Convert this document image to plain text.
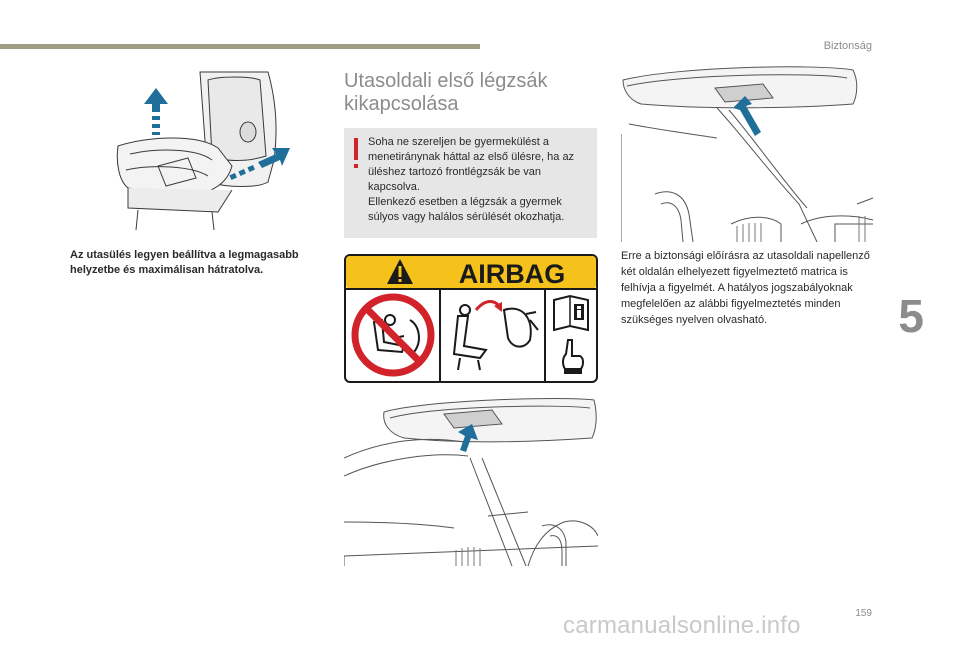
Biztonság
5
Az utasülés legyen beállítva a legmagasabb helyzetbe és maximálisan hátratolva.
Utasoldali első légzsák kikapcsolása
Soha ne szereljen be gyermekülést a menetiránynak háttal az első ülésre, ha az üléshez tartozó frontlégzsák be van kapcsolva.
Ellenkező esetben a légzsák a gyermek súlyos vagy halálos sérülését okozhatja.
AIRBAG
Erre a biztonsági előírásra az utasoldali napellenző két oldalán elhelyezett figyelmeztető matrica is felhívja a figyelmét. A hatályos jogszabályoknak megfelelően az alábbi figyelmeztetés minden szükséges nyelven olvasható.
159
carmanualsonline.info
